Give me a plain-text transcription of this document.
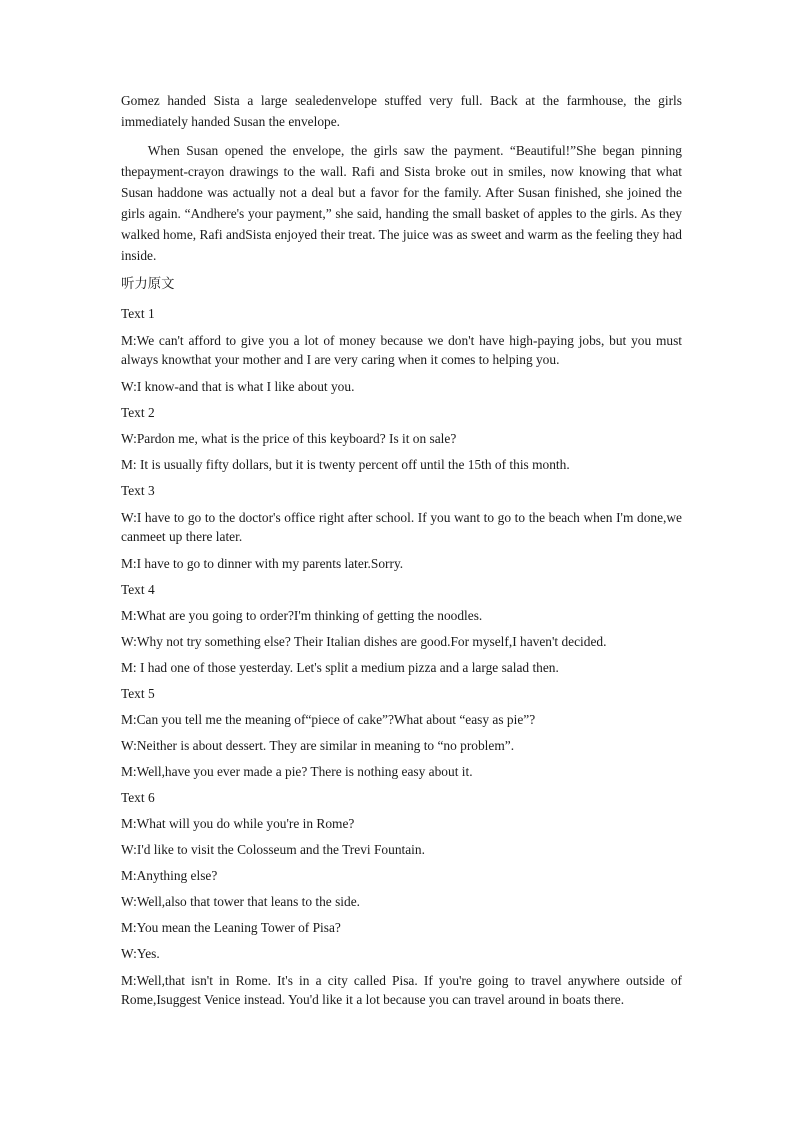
Gomez handed Sista a large sealedenvelope stuffed very full. Back at the farmhouse, the girls immediately handed Susan the envelope.

When Susan opened the envelope, the girls saw the payment. “Beautiful!”She began pinning thepayment-crayon drawings to the wall. Rafi and Sista broke out in smiles, now knowing that what Susan haddone was actually not a deal but a favor for the family. After Susan finished, she joined the girls again. “Andhere's your payment,” she said, handing the small basket of apples to the girls. As they walked home, Rafi andSista enjoyed their treat. The juice was as sweet and warm as the feeling they had inside.

听力原文
Text 1
M:We can't afford to give you a lot of money because we don't have high-paying jobs, but you must always knowthat your mother and I are very caring when it comes to helping you.
W:I know-and that is what I like about you.
Text 2
W:Pardon me, what is the price of this keyboard? Is it on sale?
M: It is usually fifty dollars, but it is twenty percent off until the 15th of this month.
Text 3
W:I have to go to the doctor's office right after school. If you want to go to the beach when I'm done,we canmeet up there later.
M:I have to go to dinner with my parents later.Sorry.
Text 4
M:What are you going to order?I'm thinking of getting the noodles.
W:Why not try something else? Their Italian dishes are good.For myself,I haven't decided.
M: I had one of those yesterday. Let's split a medium pizza and a large salad then.
Text 5
M:Can you tell me the meaning of“piece of cake”?What about “easy as pie”?
W:Neither is about dessert. They are similar in meaning to “no problem”.
M:Well,have you ever made a pie? There is nothing easy about it.
Text 6
M:What will you do while you're in Rome?
W:I'd like to visit the Colosseum and the Trevi Fountain.
M:Anything else?
W:Well,also that tower that leans to the side.
M:You mean the Leaning Tower of Pisa?
W:Yes.
M:Well,that isn't in Rome. It's in a city called Pisa. If you're going to travel anywhere outside of Rome,Isuggest Venice instead. You'd like it a lot because you can travel around in boats there.
